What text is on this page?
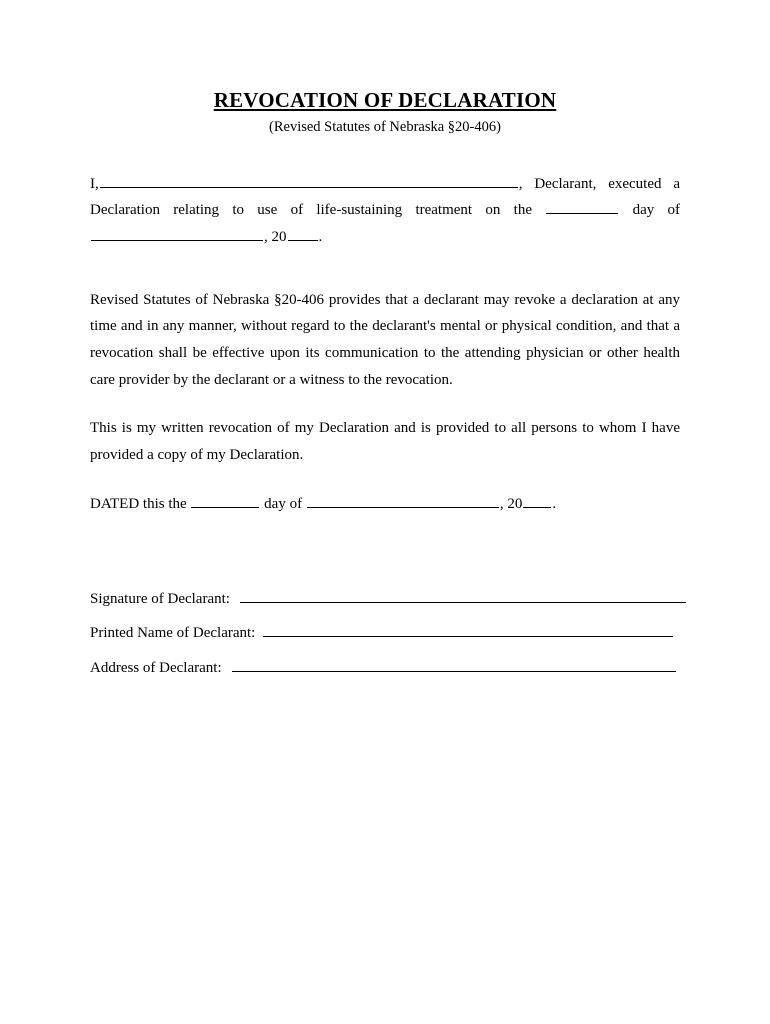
REVOCATION OF DECLARATION
(Revised Statutes of Nebraska §20-406)

I,	, Declarant, executed a Declaration relating to use of life-sustaining treatment on the	day of , 20 .

Revised Statutes of Nebraska §20-406 provides that a declarant may revoke a declaration at any time and in any manner, without regard to the declarant's mental or physical condition, and that a revocation shall be effective upon its communication to the attending physician or other health care provider by the declarant or a witness to the revocation.

This is my written revocation of my Declaration and is provided to all persons to whom I have provided a copy of my Declaration.

DATED this the	day of	, 20 .

Signature of Declarant:
Printed Name of Declarant:
Address of Declarant:
